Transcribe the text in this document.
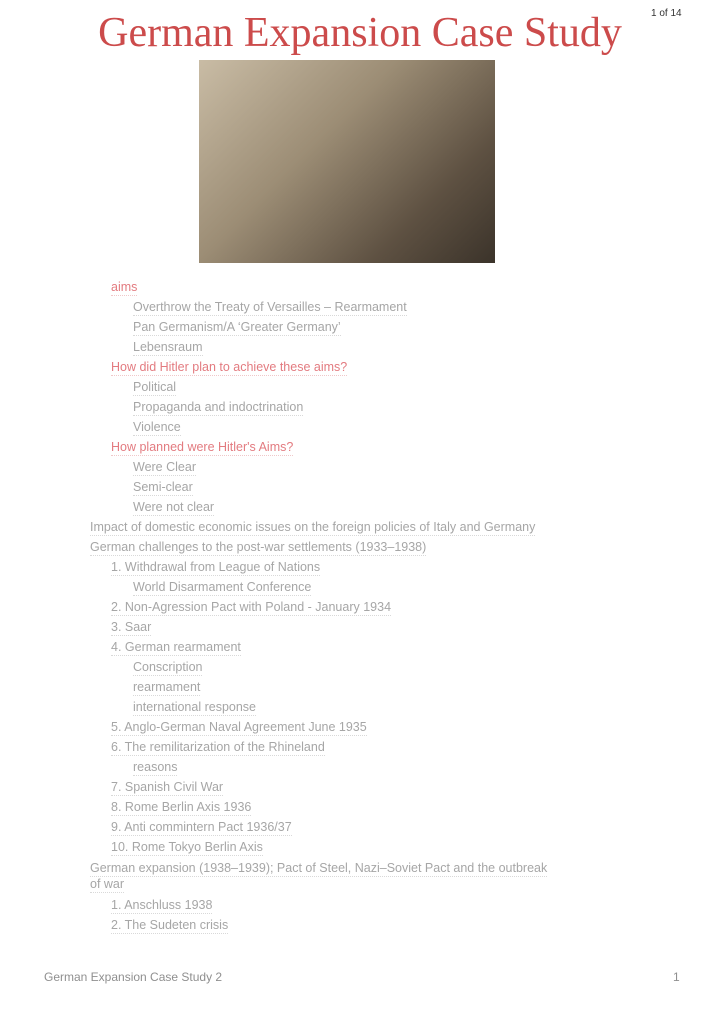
1 of 14
German Expansion Case Study
aims
Overthrow the Treaty of Versailles – Rearmament
Pan Germanism/A ‘Greater Germany’
Lebensraum
How did Hitler plan to achieve these aims?
Political
Propaganda and indoctrination
Violence
How planned were Hitler's Aims?
Were Clear
Semi-clear
Were not clear
Impact of domestic economic issues on the foreign policies of Italy and Germany
German challenges to the post-war settlements (1933–1938)
1. Withdrawal from League of Nations
World Disarmament Conference
2. Non-Agression Pact with Poland - January 1934
3. Saar
4. German rearmament
Conscription
rearmament
international response
5. Anglo-German Naval Agreement June 1935
6. The remilitarization of the Rhineland
reasons
7. Spanish Civil War
8. Rome Berlin Axis 1936
9. Anti commintern Pact 1936/37
10. Rome Tokyo Berlin Axis
German expansion (1938–1939); Pact of Steel, Nazi–Soviet Pact and the outbreak of war
1. Anschluss 1938
2. The Sudeten crisis
German Expansion Case Study 2	1
